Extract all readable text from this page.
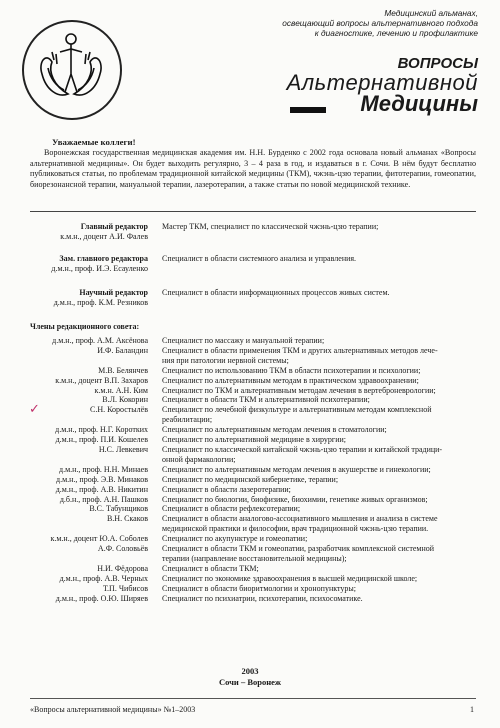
Медицинский альманах,
освещающий вопросы альтернативного подхода
к диагностике, лечению и профилактике
ВОПРОСЫ
Альтернативной
Медицины
Уважаемые коллеги!
Воронежская государственная медицинская академия им. Н.Н. Бурденко с 2002 года основала новый альманах «Вопросы альтернативной медицины». Он будет выходить регулярно, 3 – 4 раза в год, и издаваться в г. Сочи. В нём будут бесплатно публиковаться статьи, по проблемам традиционной китайской медицины (ТКМ), чжэнь-цзю терапии, фитотерапии, гомеопатии, биорезонансной терапии, мануальной терапии, лазеротерапии, а также статьи по новой медицинской технике.
Главный редактор
к.м.н., доцент А.И. Фалев
Мастер ТКМ, специалист по классической чжэнь-цзю терапии;
Зам. главного редактора
д.м.н., проф. И.Э. Есауленко
Специалист в области системного анализа и управления.
Научный редактор
д.м.н., проф. К.М. Резников
Специалист в области информационных процессов живых систем.
Члены редакционного совета:
д.м.н., проф. А.М. Аксёнова Специалист по массажу и мануальной терапии;
И.Ф. Баландин Специалист в области применения ТКМ и других альтернативных методов лече-
ния при патологии нервной системы;
М.В. Белянчев Специалист по использованию ТКМ в области психотерапии и психологии;
к.м.н., доцент В.П. Захаров Специалист по альтернативным методам в практическом здравоохранении;
к.м.н. А.Н. Ким Специалист по ТКМ и альтернативным методам лечения в вертеброневрологии;
В.Л. Кокорин Специалист в области ТКМ и альтернативной психотерапии;
С.Н. Коростылёв Специалист по лечебной физкультуре и альтернативным методам комплексной
реабилитации;
д.м.н., проф. Н.Г. Коротких Специалист по альтернативным методам лечения в стоматологии;
д.м.н., проф. П.И. Кошелев Специалист по альтернативной медицине в хирургии;
Н.С. Левкевич Специалист по классической китайской чжэнь-цзю терапии и китайской традици-
онной фармакологии;
д.м.н., проф. Н.Н. Минаев Специалист по альтернативным методам лечения в акушерстве и гинекологии;
д.м.н., проф. Э.В. Минаков Специалист по медицинской кибернетике, терапии;
д.м.н., проф. А.В. Никитин Специалист в области лазеротерапии;
д.б.н., проф. А.Н. Пашков Специалист по биологии, биофизике, биохимии, генетике живых организмов;
В.С. Табунщиков Специалист в области рефлексотерапии;
В.Н. Скаков Специалист в области аналогово-ассоциативного мышления и анализа в системе
медицинской практики и философии, врач традиционной чжэнь-цзю терапии.
к.м.н., доцент Ю.А. Соболев Специалист по акупунктуре и гомеопатии;
А.Ф. Соловьёв Специалист в области ТКМ и гомеопатии, разработчик комплексной системной
терапии (направление восстановительной медицины);
Н.И. Фёдорова Специалист в области ТКМ;
д.м.н., проф. А.В. Черных Специалист по экономике здравоохранения в высшей медицинской школе;
Т.П. Чибисов Специалист в области биоритмологии и хронопунктуры;
д.м.н., проф. О.Ю. Ширяев Специалист по психиатрии, психотерапии, психосоматике.
✓
2003
Сочи – Воронеж
«Вопросы альтернативной медицины» №1–2003	1
